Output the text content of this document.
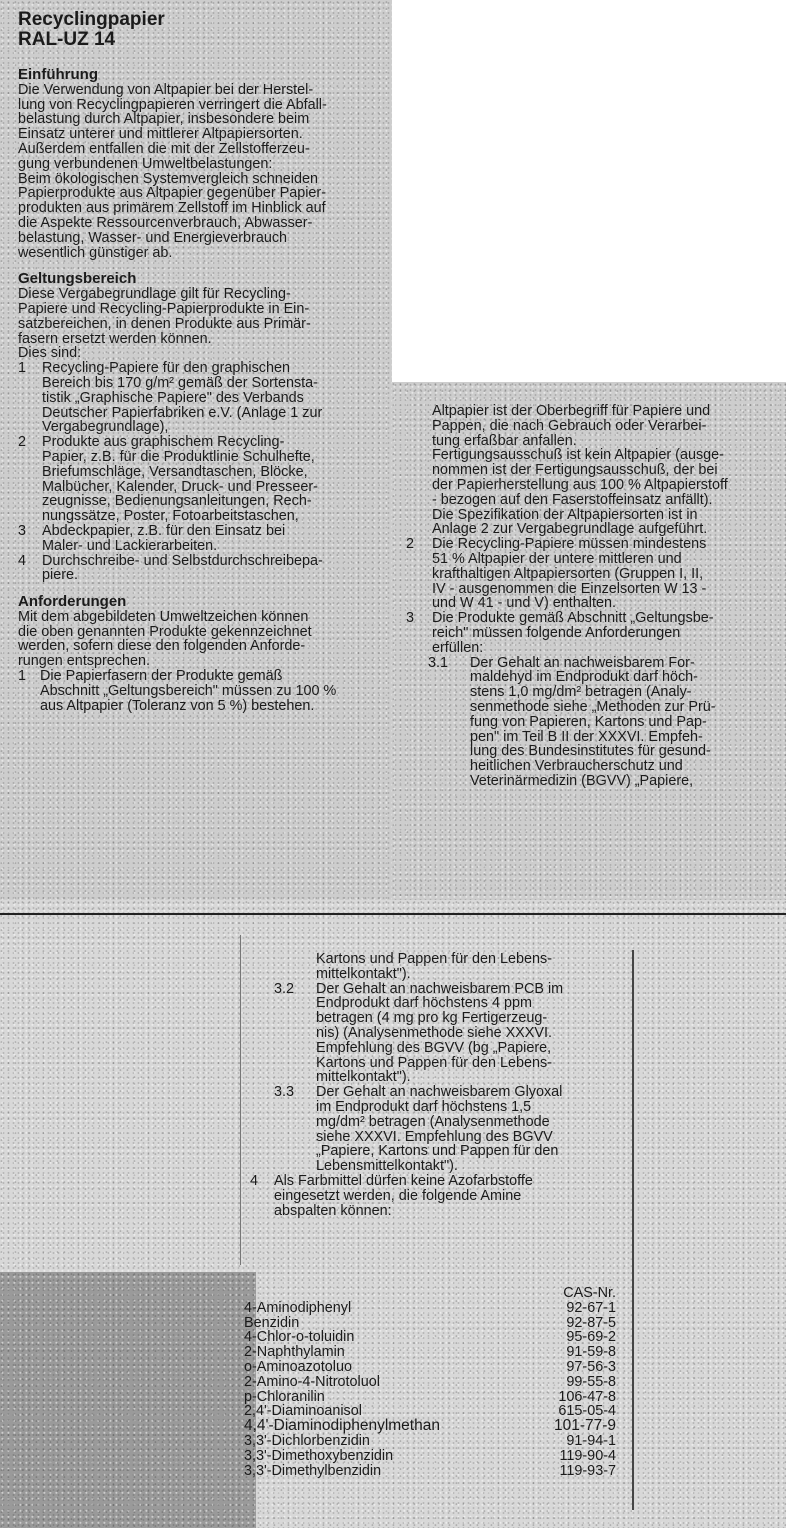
Recyclingpapier

RAL-UZ 14

Einführung

Die Verwendung von Altpapier bei der Herstel-
lung von Recyclingpapieren verringert die Abfall-
belastung durch Altpapier, insbesondere beim
Einsatz unterer und mittlerer Altpapiersorten.
Außerdem entfallen die mit der Zellstofferzeu-
gung verbundenen Umweltbelastungen:
Beim ökologischen Systemvergleich schneiden
Papierprodukte aus Altpapier gegenüber Papier-
produkten aus primärem Zellstoff im Hinblick auf
die Aspekte Ressourcenverbrauch, Abwasser-
belastung, Wasser- und Energieverbrauch
wesentlich günstiger ab.

Geltungsbereich

Diese Vergabegrundlage gilt für Recycling-
Papiere und Recycling-Papierprodukte in Ein-
satzbereichen, in denen Produkte aus Primär-
fasern ersetzt werden können.
Dies sind:

1	Recycling-Papiere für den graphischen
Bereich bis 170 g/m² gemäß der Sortensta-
tistik „Graphische Papiere" des Verbands
Deutscher Papierfabriken e.V. (Anlage 1 zur
Vergabegrundlage),
2	Produkte aus graphischem Recycling-
Papier, z.B. für die Produktlinie Schulhefte,
Briefumschläge, Versandtaschen, Blöcke,
Malbücher, Kalender, Druck- und Presseer-
zeugnisse, Bedienungsanleitungen, Rech-
nungssätze, Poster, Fotoarbeitstaschen,
3	Abdeckpapier, z.B. für den Einsatz bei
Maler- und Lackierarbeiten.
4	Durchschreibe- und Selbstdurchschreibepa-
piere.

Anforderungen

Mit dem abgebildeten Umweltzeichen können
die oben genannten Produkte gekennzeichnet
werden, sofern diese den folgenden Anforde-
rungen entsprechen.

1 Die Papierfasern der Produkte gemäß
Abschnitt „Geltungsbereich" müssen zu 100 %
aus Altpapier (Toleranz von 5 %) bestehen.

Altpapier ist der Oberbegriff für Papiere und
Pappen, die nach Gebrauch oder Verarbei-
tung erfaßbar anfallen.

Fertigungsausschuß ist kein Altpapier (ausge-
nommen ist der Fertigungsausschuß, der bei
der Papierherstellung aus 100 % Altpapierstoff
- bezogen auf den Faserstoffeinsatz anfällt).
Die Spezifikation der Altpapiersorten ist in
Anlage 2 zur Vergabegrundlage aufgeführt.

2	Die Recycling-Papiere müssen mindestens
51 % Altpapier der untere mittleren und
krafthaltigen Altpapiersorten (Gruppen I, II,
IV - ausgenommen die Einzelsorten W 13 -
und W 41 - und V) enthalten.
3	Die Produkte gemäß Abschnitt „Geltungsbe-
reich" müssen folgende Anforderungen
erfüllen:
3.1	Der Gehalt an nachweisbarem For-
maldehyd im Endprodukt darf höch-
stens 1,0 mg/dm² betragen (Analy-
senmethode siehe „Methoden zur Prü-
fung von Papieren, Kartons und Pap-
pen" im Teil B II der XXXVI. Empfeh-
lung des Bundesinstitutes für gesund-
heitlichen Verbraucherschutz und
Veterinärmedizin (BGVV) „Papiere,

Kartons und Pappen für den Lebens-
mittelkontakt").

3.2	Der Gehalt an nachweisbarem PCB im
Endprodukt darf höchstens 4 ppm
betragen (4 mg pro kg Fertigerzeug-
nis) (Analysenmethode siehe XXXVI.
Empfehlung des BGVV (bg „Papiere,
Kartons und Pappen für den Lebens-
mittelkontakt").
3.3	Der Gehalt an nachweisbarem Glyoxal
im Endprodukt darf höchstens 1,5
mg/dm² betragen (Analysenmethode
siehe XXXVI. Empfehlung des BGVV
„Papiere, Kartons und Pappen für den
Lebensmittelkontakt").
4	Als Farbmittel dürfen keine Azofarbstoffe
eingesetzt werden, die folgende Amine
abspalten können:
	CAS-Nr.
4-Aminodiphenyl	92-67-1
Benzidin	92-87-5
4-Chlor-o-toluidin	95-69-2
2-Naphthylamin	91-59-8
o-Aminoazotoluo	97-56-3
2-Amino-4-Nitrotoluol	99-55-8
p-Chloranilin	106-47-8
2,4'-Diaminoanisol	615-05-4
4,4'-Diaminodiphenylmethan	101-77-9
3,3'-Dichlorbenzidin	91-94-1
3,3'-Dimethoxybenzidin	119-90-4
3,3'-Dimethylbenzidin	119-93-7
